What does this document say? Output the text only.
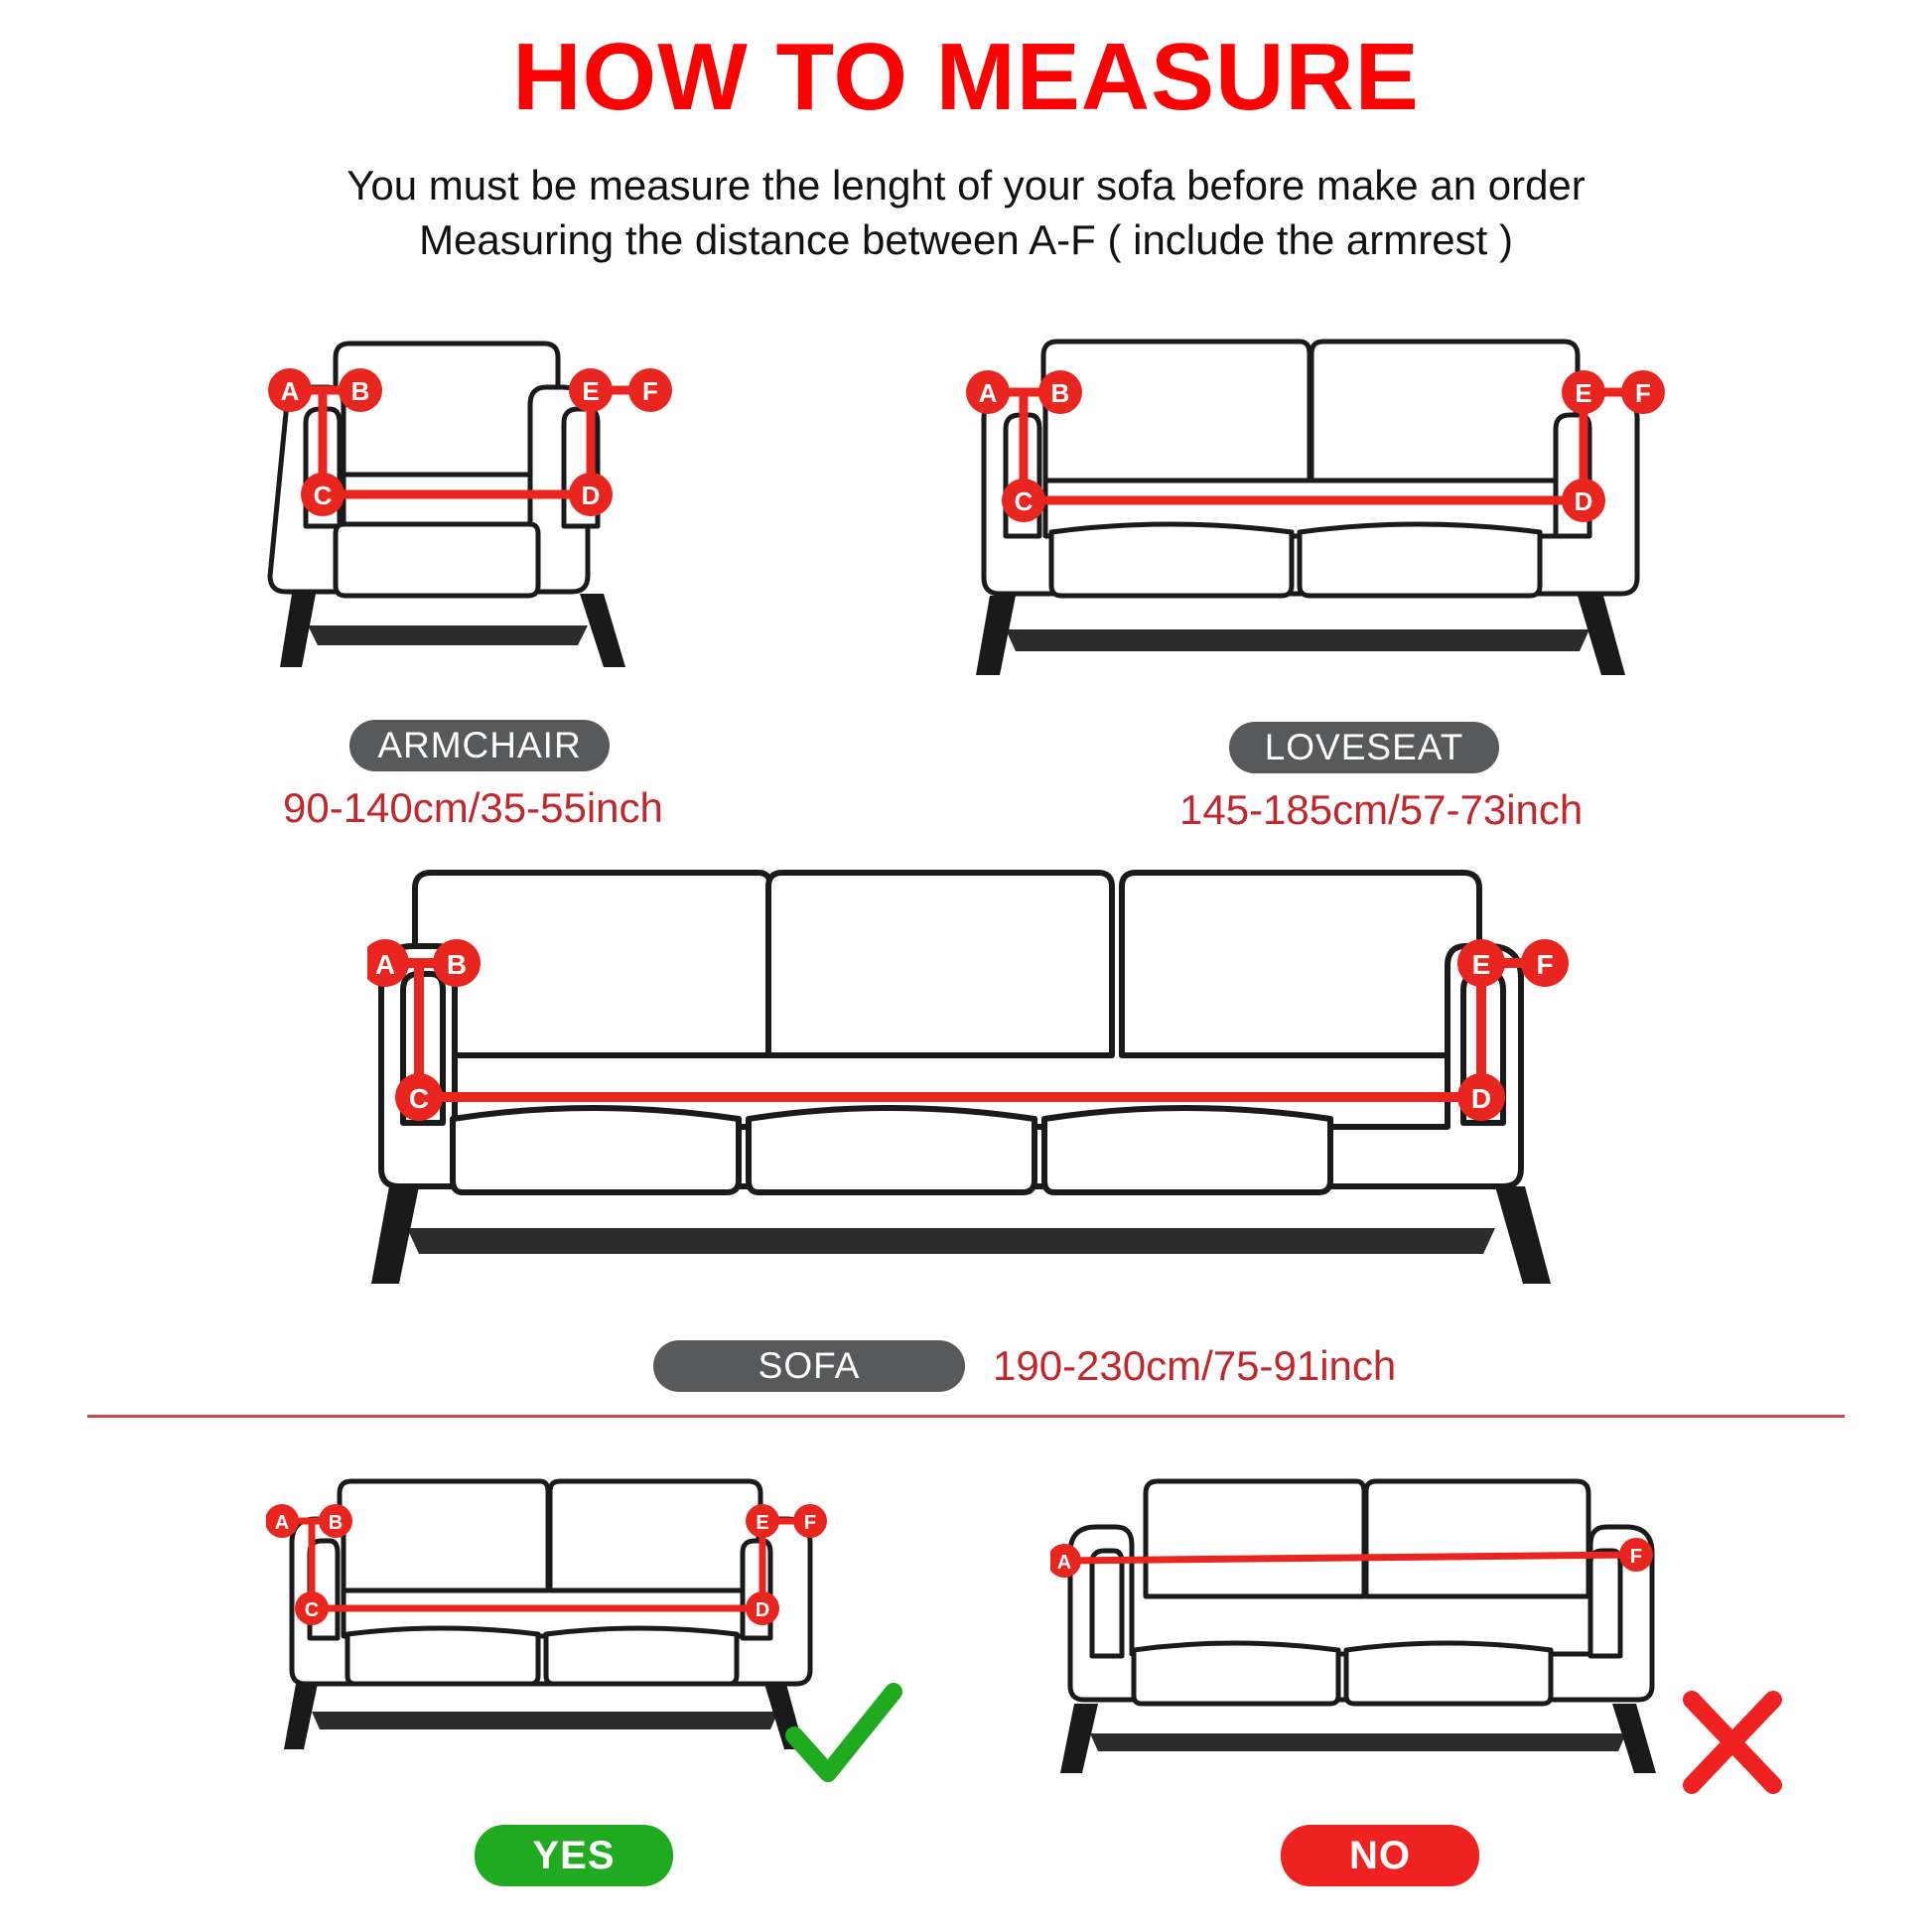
HOW TO MEASURE
You must be measure the lenght of your sofa before make an order
Measuring the distance between A-F ( include the armrest )
A B
C	D
E F
ARMCHAIR
90-140cm/35-55inch
A B
C	D
E F
LOVESEAT
145-185cm/57-73inch
A B
C	D
E F
SOFA	190-230cm/75-91inch
A B
C	D
E F
YES
A	F
NO
